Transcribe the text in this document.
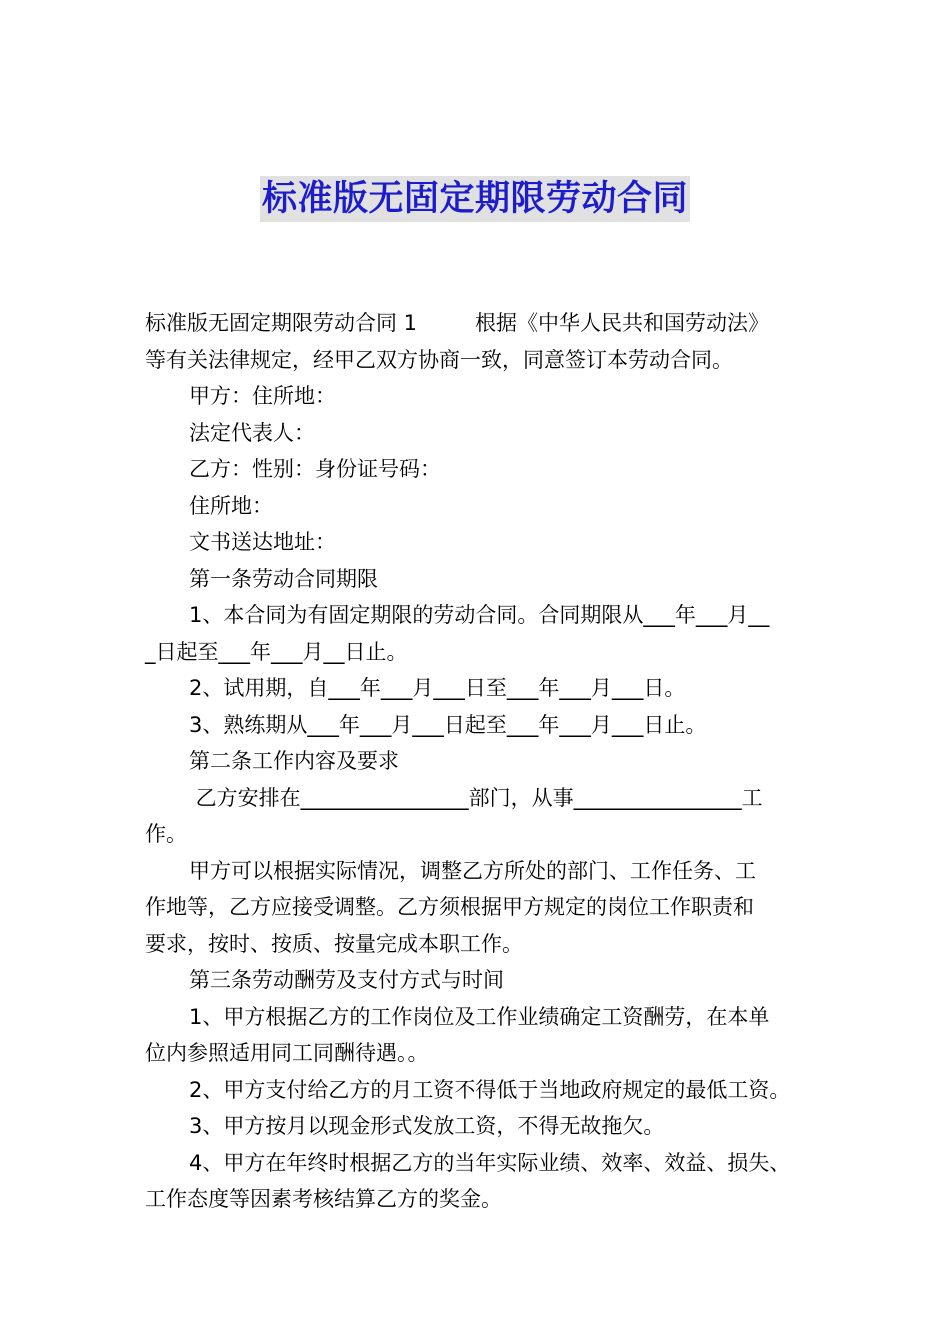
标准版无固定期限劳动合同
标准版无固定期限劳动合同 1	根据《中华人民共和国劳动法》
等有关法律规定，经甲乙双方协商一致，同意签订本劳动合同。
甲方：住所地：
法定代表人：
乙方：性别：身份证号码：
住所地：
文书送达地址：
第一条劳动合同期限
1、本合同为有固定期限的劳动合同。合同期限从___年___月__
_日起至___年___月__日止。
2、试用期，自___年___月___日至___年___月___日。
3、熟练期从___年___月___日起至___年___月___日止。
第二条工作内容及要求
乙方安排在________________部门，从事________________工
作。
甲方可以根据实际情况，调整乙方所处的部门、工作任务、工
作地等，乙方应接受调整。乙方须根据甲方规定的岗位工作职责和
要求，按时、按质、按量完成本职工作。
第三条劳动酬劳及支付方式与时间
1、甲方根据乙方的工作岗位及工作业绩确定工资酬劳，在本单
位内参照适用同工同酬待遇。。
2、甲方支付给乙方的月工资不得低于当地政府规定的最低工资。
3、甲方按月以现金形式发放工资，不得无故拖欠。
4、甲方在年终时根据乙方的当年实际业绩、效率、效益、损失、
工作态度等因素考核结算乙方的奖金。
